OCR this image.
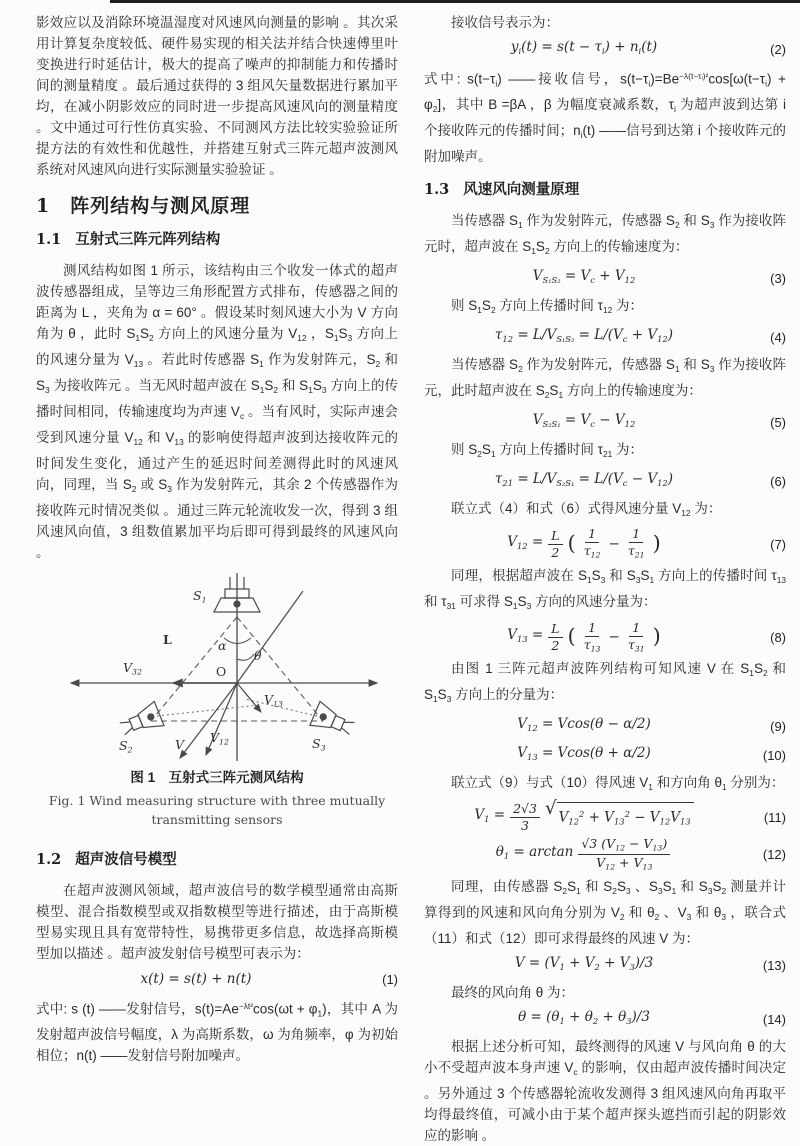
影效应以及消除环境温湿度对风速风向测量的影响 。其次采用计算复杂度较低、硬件易实现的相关法并结合快速傅里叶变换进行时延估计，极大的提高了噪声的抑制能力和传播时间的测量精度 。最后通过获得的 3 组风矢量数据进行累加平均，在减小阴影效应的同时进一步提高风速风向的测量精度 。文中通过可行性仿真实验、不同测风方法比较实验验证所提方法的有效性和优越性，并搭建互射式三阵元超声波测风系统对风速风向进行实际测量实验验证 。

1 阵列结构与测风原理
1.1 互射式三阵元阵列结构

测风结构如图 1 所示，该结构由三个收发一体式的超声波传感器组成，呈等边三角形配置方式排布，传感器之间的距离为 L ，夹角为 α = 60° 。假设某时刻风速大小为 V 方向角为 θ ，此时 $S_1S_2$ 方向上的风速分量为 $V_{12}$ ，$S_1S_3$ 方向上的风速分量为 $V_{13}$ 。若此时传感器 $S_1$ 作为发射阵元，$S_2$ 和 $S_3$ 为接收阵元 。当无风时超声波在 $S_1S_2$ 和 $S_1S_3$ 方向上的传播时间相同，传输速度均为声速 $V_c$ 。当有风时，实际声速会受到风速分量 $V_{12}$ 和 $V_{13}$ 的影响使得超声波到达接收阵元的时间发生变化，通过产生的延迟时间差测得此时的风速风向，同理，当 $S_2$ 或 $S_3$ 作为发射阵元，其余 2 个传感器作为接收阵元时情况类似 。通过三阵元轮流收发一次，得到 3 组风速风向值，3 组数值累加平均后即可得到最终的风速风向 。

$S_1$
L	α
θ
O
$V_{32}$
$V_{13}$
$V_{12}$
V
$S_2$	$S_3$
图 1　互射式三阵元测风结构
Fig. 1 Wind measuring structure with three mutually
transmitting sensors
1.2 超声波信号模型

在超声波测风领域，超声波信号的数学模型通常由高斯模型、混合指数模型或双指数模型等进行描述，由于高斯模型易实现且具有宽带特性，易携带更多信息，故选择高斯模型加以描述 。超声波发射信号模型可表示为：

x(t) = s(t) + n(t)	(1)

式中: s (t) ——发射信号，$s(t)=Ae^{-\lambda t^2}\cos(\omega t + \varphi_1)$，其中 A 为发射超声波信号幅度，λ 为高斯系数，ω 为角频率，φ 为初始相位；n(t) ——发射信号附加噪声。

接收信号表示为：

$y_i(t) = s(t - \tau_i) + n_i(t)$	(2)

式中: $s(t-\tau_i)$ ——接收信号，$s(t-\tau_i)=Be^{-\lambda(t-\tau ᵢ)^2}\cos[\omega(t-\tau_i) + \varphi_2]$，其中 B =βA ，β 为幅度衰减系数，$\tau_i$ 为超声波到达第 i 个接收阵元的传播时间；$n_i(t)$ ——信号到达第 i 个接收阵元的附加噪声。

1.3 风速风向测量原理

当传感器 $S_1$ 作为发射阵元，传感器 $S_2$ 和 $S_3$ 作为接收阵元时，超声波在 $S_1S_2$ 方向上的传输速度为：

$V_{S_1S_2} = V_c + V_{12}$	(3)

则 $S_1S_2$ 方向上传播时间 $\tau_{12}$ 为：

$\tau_{12} = L/V_{S_1S_2} = L/(V_c + V_{12})$	(4)

当传感器 $S_2$ 作为发射阵元，传感器 $S_1$ 和 $S_3$ 作为接收阵元，此时超声波在 $S_2S_1$ 方向上的传输速度为：

$V_{S_2S_1} = V_c - V_{12}$	(5)

则 $S_2S_1$ 方向上传播时间 $\tau_{21}$ 为：

$\tau_{21} = L/V_{S_2S_1} = L/(V_c - V_{12})$	(6)

联立式（4）和式（6）式得风速分量 $V_{12}$ 为：

$V_{12} = \frac{L}{2}$ ( $\frac{1}{\tau_{12}} - \frac{1}{\tau_{21}}$ )	(7)

同理，根据超声波在 $S_1S_3$ 和 $S_3S_1$ 方向上的传播时间 $\tau_{13}$ 和 $\tau_{31}$ 可求得 $S_1S_3$ 方向的风速分量为：

$V_{13} = \frac{L}{2}$ ( $\frac{1}{\tau_{13}} - \frac{1}{\tau_{31}}$ )	(8)

由图 1 三阵元超声波阵列结构可知风速 V 在 $S_1S_2$ 和 $S_1S_3$ 方向上的分量为：

$V_{12} = Vcos(\theta - \alpha/2)$	(9)
$V_{13} = Vcos(\theta + \alpha/2)$	(10)

联立式（9）与式（10）得风速 $V_1$ 和方向角 $\theta_1$ 分别为：

$V_1 = \frac{2√3}{3}$ √ $V_{12}^2 + V_{13}^2 - V_{12}V_{13}$	(11)
$\theta_1 = \arctan \frac{√3 (V_{12} - V_{13})}{V_{12} + V_{13}}$	(12)

同理，由传感器 $S_2S_1$ 和 $S_2S_3$ 、$S_3S_1$ 和 $S_3S_2$ 测量并计算得到的风速和风向角分别为 $V_2$ 和 $\theta_2$ 、$V_3$ 和 $\theta_3$ ，联合式（11）和式（12）即可求得最终的风速 V 为：

$V = (V_1 + V_2 + V_3)/3$	(13)

最终的风向角 θ 为：

$\theta = (\theta_1 + \theta_2 + \theta_3)/3$	(14)

根据上述分析可知，最终测得的风速 V 与风向角 θ 的大小不受超声波本身声速 $V_c$ 的影响，仅由超声波传播时间决定 。另外通过 3 个传感器轮流收发测得 3 组风速风向角再取平均得最终值，可减小由于某个超声探头遮挡而引起的阴影效应的影响 。
